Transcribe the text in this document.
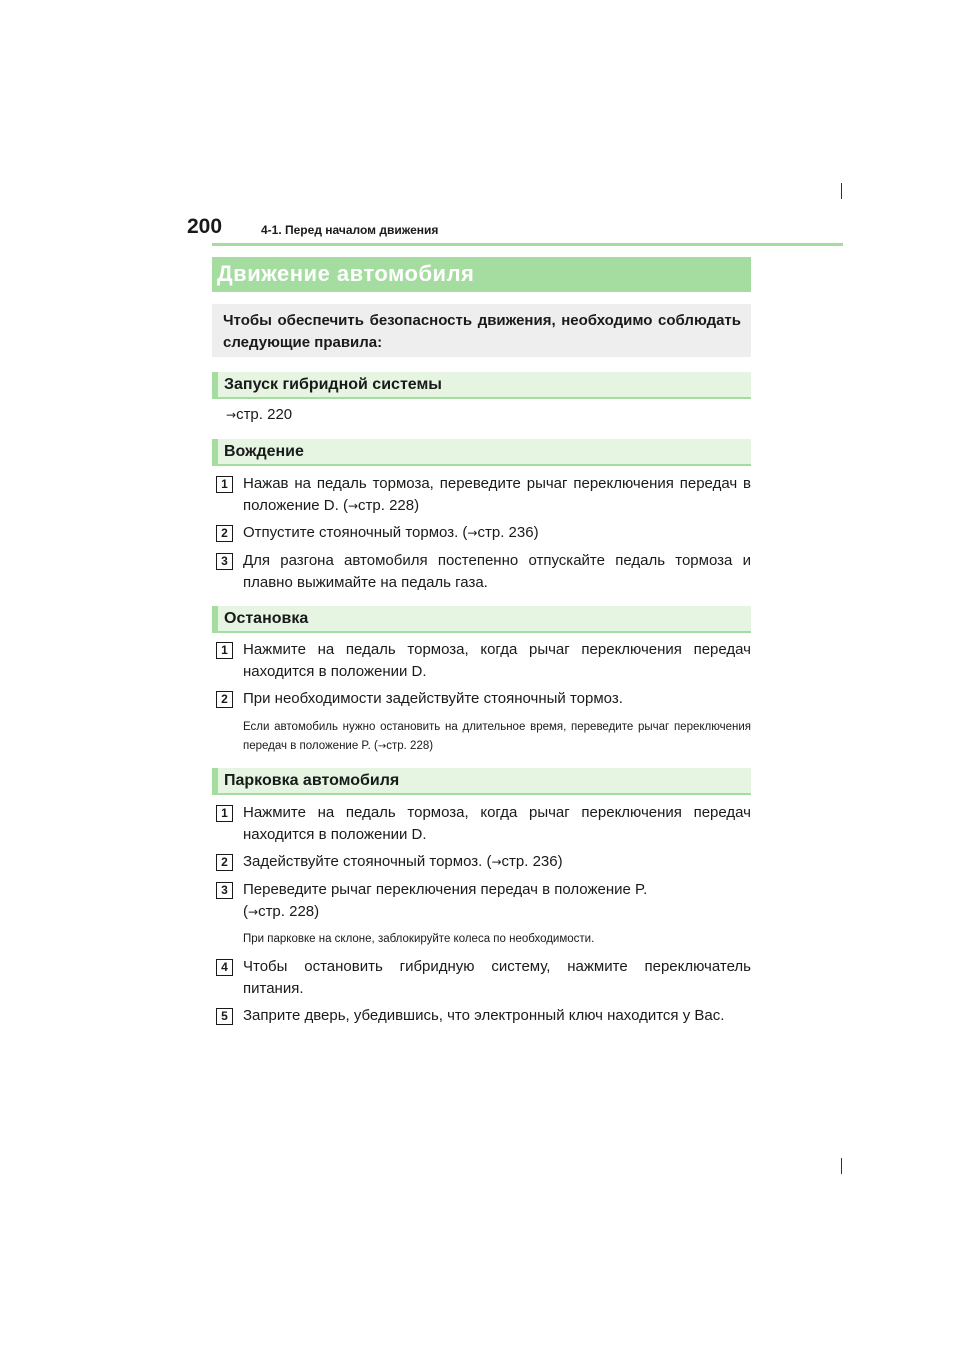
200	4-1. Перед началом движения
Движение автомобиля
Чтобы обеспечить безопасность движения, необходимо соблюдать следующие правила:
Запуск гибридной системы
→стр. 220
Вождение
1	Нажав на педаль тормоза, переведите рычаг переключения передач в положение D. (→стр. 228)
2	Отпустите стояночный тормоз. (→стр. 236)
3	Для разгона автомобиля постепенно отпускайте педаль тормоза и плавно выжимайте на педаль газа.
Остановка
1	Нажмите на педаль тормоза, когда рычаг переключения передач находится в положении D.
2	При необходимости задействуйте стояночный тормоз.
Если автомобиль нужно остановить на длительное время, переведите рычаг переключения передач в положение P. (→стр. 228)
Парковка автомобиля
1	Нажмите на педаль тормоза, когда рычаг переключения передач находится в положении D.
2	Задействуйте стояночный тормоз. (→стр. 236)
3	Переведите рычаг переключения передач в положение P.
(→стр. 228)
При парковке на склоне, заблокируйте колеса по необходимости.
4	Чтобы остановить гибридную систему, нажмите переключатель питания.
5	Заприте дверь, убедившись, что электронный ключ находится у Вас.
